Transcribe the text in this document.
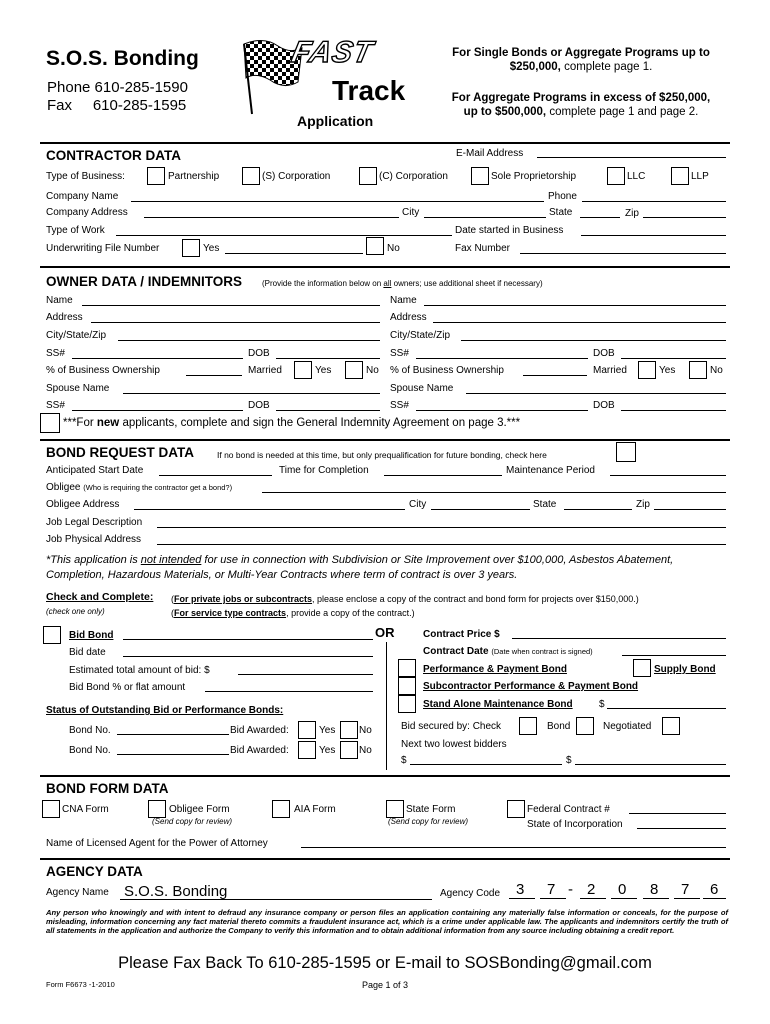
S.O.S. Bonding
Phone 610-285-1590
Fax     610-285-1595
FAST
Track
Application
For Single Bonds or Aggregate Programs up to
$250,000, complete page 1.
For Aggregate Programs in excess of $250,000,
up to $500,000, complete page 1 and page 2.
CONTRACTOR DATA	E-Mail Address
Type of Business:	Partnership	(S) Corporation	(C) Corporation	Sole Proprietorship	LLC	LLP
Company Name	Phone
Company Address	City	State	Zip
Type of Work	Date started in Business
Underwriting File Number	Yes	No	Fax Number
OWNER DATA / INDEMNITORS	(Provide the information below on all owners; use additional sheet if necessary)
Name
Address
City/State/Zip
SS#	DOB
% of Business Ownership	Married	Yes	No
Spouse Name
SS#	DOB
Name
Address
City/State/Zip
SS#	DOB
% of Business Ownership	Married	Yes	No
Spouse Name
SS#	DOB
***For new applicants, complete and sign the General Indemnity Agreement on page 3.***
BOND REQUEST DATA	If no bond is needed at this time, but only prequalification for future bonding, check here
Anticipated Start Date	Time for Completion	Maintenance Period
Obligee (Who is requiring the contractor get a bond?)
Obligee Address	City	State	Zip
Job Legal Description
Job Physical Address
*This application is not intended for use in connection with Subdivision or Site Improvement over $100,000, Asbestos Abatement,
Completion, Hazardous Materials, or Multi-Year Contracts where term of contract is over 3 years.
Check and Complete:
(check one only)
(For private jobs or subcontracts, please enclose a copy of the contract and bond form for projects over $150,000.)
(For service type contracts, provide a copy of the contract.)
Bid Bond
Bid date
Estimated total amount of bid: $
Bid Bond % or flat amount
Status of Outstanding Bid or Performance Bonds:
Bond No.	Bid Awarded:	Yes No
Bond No.	Bid Awarded:	Yes No
OR	Contract Price $
Contract Date (Date when contract is signed)
Performance & Payment Bond	Supply Bond
Subcontractor Performance & Payment Bond
Stand Alone Maintenance Bond	$
Bid secured by: Check	Bond	Negotiated
Next two lowest bidders
$	$
BOND FORM DATA
CNA Form	Obligee Form
(Send copy for review)
AIA Form	State Form
(Send copy for review)
Federal Contract #
State of Incorporation
Name of Licensed Agent for the Power of Attorney
AGENCY DATA
Agency Name S.O.S. Bonding	Agency Code 3 7 - 2 0 8 7 6
Any person who knowingly and with intent to defraud any insurance company or person files an application containing any materially false information or conceals, for the purpose of misleading, information concerning any fact material thereto commits a fraudulent insurance act, which is a crime under applicable law. The applicants and indemnitors certify the truth of all statements in the application and authorize the Company to verify this information and to obtain additional information from any source including obtaining a credit report.
Please Fax Back To 610-285-1595 or E-mail to SOSBonding@gmail.com
Form F6673 -1-2010	Page 1 of 3
